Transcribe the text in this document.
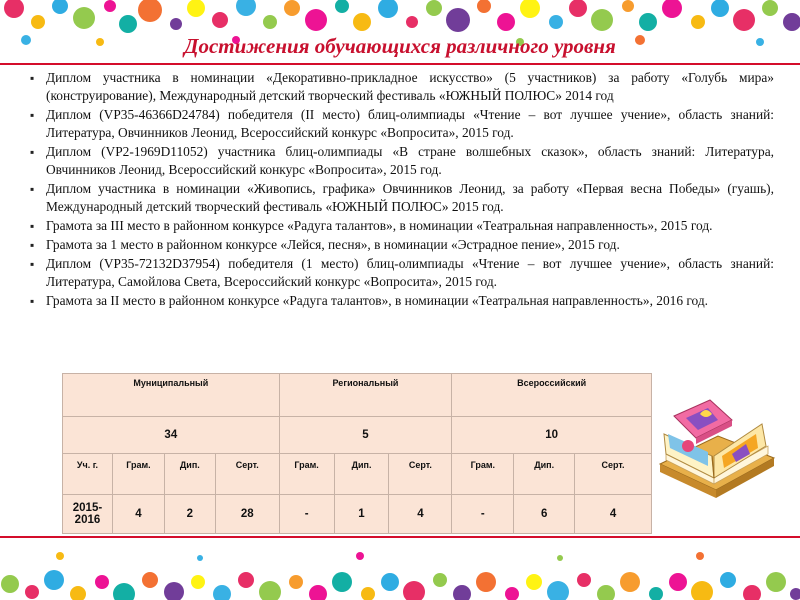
Достижения обучающихся различного уровня
▪ Диплом участника в номинации «Декоративно-прикладное искусство» (5 участников) за работу «Голубь мира» (конструирование), Международный детский творческий фестиваль «ЮЖНЫЙ ПОЛЮС» 2014 год
▪ Диплом (VP35-46366D24784) победителя (II место) блиц-олимпиады «Чтение – вот лучшее учение», область знаний: Литература, Овчинников Леонид, Всероссийский конкурс «Вопросита», 2015 год.
▪ Диплом (VP2-1969D11052) участника блиц-олимпиады «В стране волшебных сказок», область знаний: Литература, Овчинников Леонид, Всероссийский конкурс «Вопросита», 2015 год.
▪ Диплом участника в номинации «Живопись, графика» Овчинников Леонид, за работу «Первая весна Победы» (гуашь), Международный детский творческий фестиваль «ЮЖНЫЙ ПОЛЮС» 2015 год.
▪ Грамота за III место в районном конкурсе «Радуга талантов», в номинации «Театральная направленность», 2015 год.
▪ Грамота за 1 место в районном конкурсе «Лейся, песня», в номинации «Эстрадное пение», 2015 год.
▪ Диплом (VP35-72132D37954) победителя (1 место) блиц-олимпиады «Чтение – вот лучшее учение», область знаний: Литература, Самойлова Света, Всероссийский конкурс «Вопросита», 2015 год.
▪ Грамота за II место в районном конкурсе «Радуга талантов», в номинации «Театральная направленность», 2016 год.
Муниципальный				Региональный			Всероссийский		
34				5			10		
Уч. г.	Грам.	Дип.	Серт.	Грам.	Дип.	Серт.	Грам.	Дип.	Серт.
2015-2016	4	2	28	-	1	4	-	6	4
